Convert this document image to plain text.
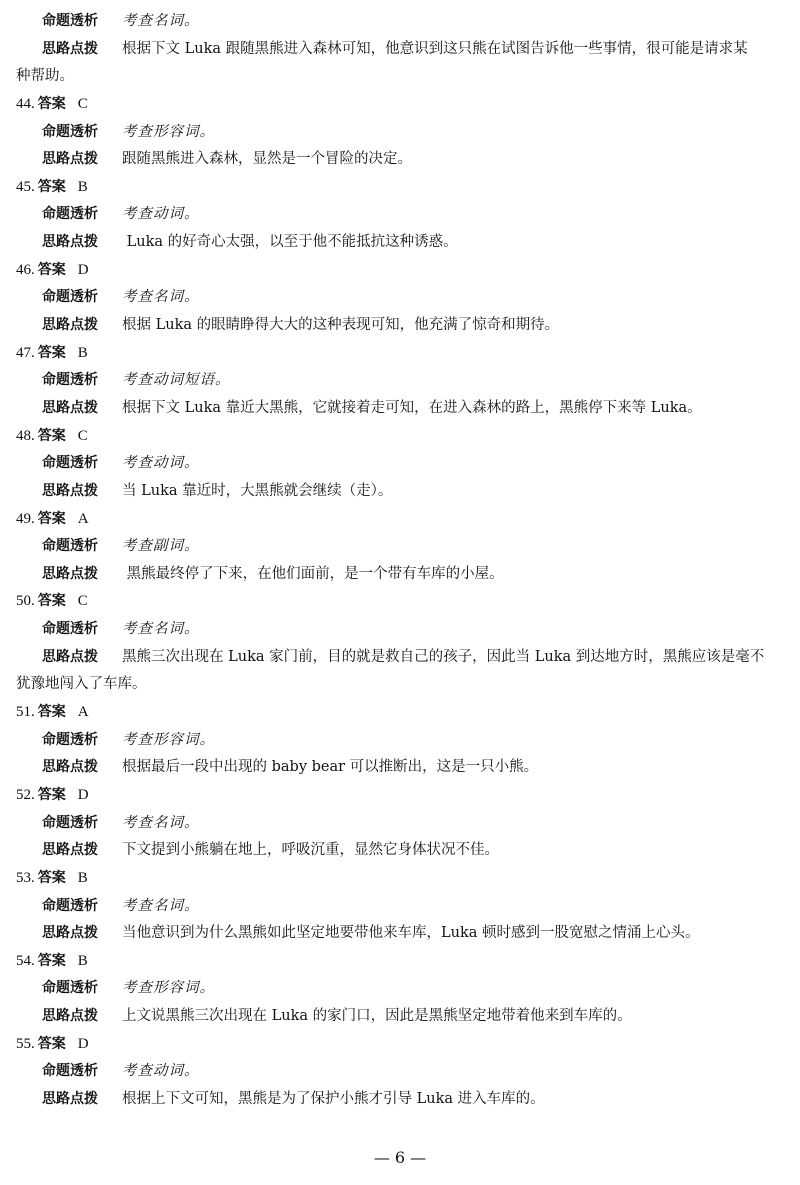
命题透析 考查名词。
思路点拨 根据下文 Luka 跟随黑熊进入森林可知，他意识到这只熊在试图告诉他一些事情，很可能是请求某
种帮助。
44. 答案 C
命题透析 考查形容词。
思路点拨 跟随黑熊进入森林，显然是一个冒险的决定。
45. 答案 B
命题透析 考查动词。
思路点拨 Luka 的好奇心太强，以至于他不能抵抗这种诱惑。
46. 答案 D
命题透析 考查名词。
思路点拨 根据 Luka 的眼睛睁得大大的这种表现可知，他充满了惊奇和期待。
47. 答案 B
命题透析 考查动词短语。
思路点拨 根据下文 Luka 靠近大黑熊，它就接着走可知，在进入森林的路上，黑熊停下来等 Luka。
48. 答案 C
命题透析 考查动词。
思路点拨 当 Luka 靠近时，大黑熊就会继续（走）。
49. 答案 A
命题透析 考查副词。
思路点拨 黑熊最终停了下来，在他们面前，是一个带有车库的小屋。
50. 答案 C
命题透析 考查名词。
思路点拨 黑熊三次出现在 Luka 家门前，目的就是救自己的孩子，因此当 Luka 到达地方时，黑熊应该是毫不
犹豫地闯入了车库。
51. 答案 A
命题透析 考查形容词。
思路点拨 根据最后一段中出现的 baby bear 可以推断出，这是一只小熊。
52. 答案 D
命题透析 考查名词。
思路点拨 下文提到小熊躺在地上，呼吸沉重，显然它身体状况不佳。
53. 答案 B
命题透析 考查名词。
思路点拨 当他意识到为什么黑熊如此坚定地要带他来车库，Luka 顿时感到一股宽慰之情涌上心头。
54. 答案 B
命题透析 考查形容词。
思路点拨 上文说黑熊三次出现在 Luka 的家门口，因此是黑熊坚定地带着他来到车库的。
55. 答案 D
命题透析 考查动词。
思路点拨 根据上下文可知，黑熊是为了保护小熊才引导 Luka 进入车库的。
— 6 —
